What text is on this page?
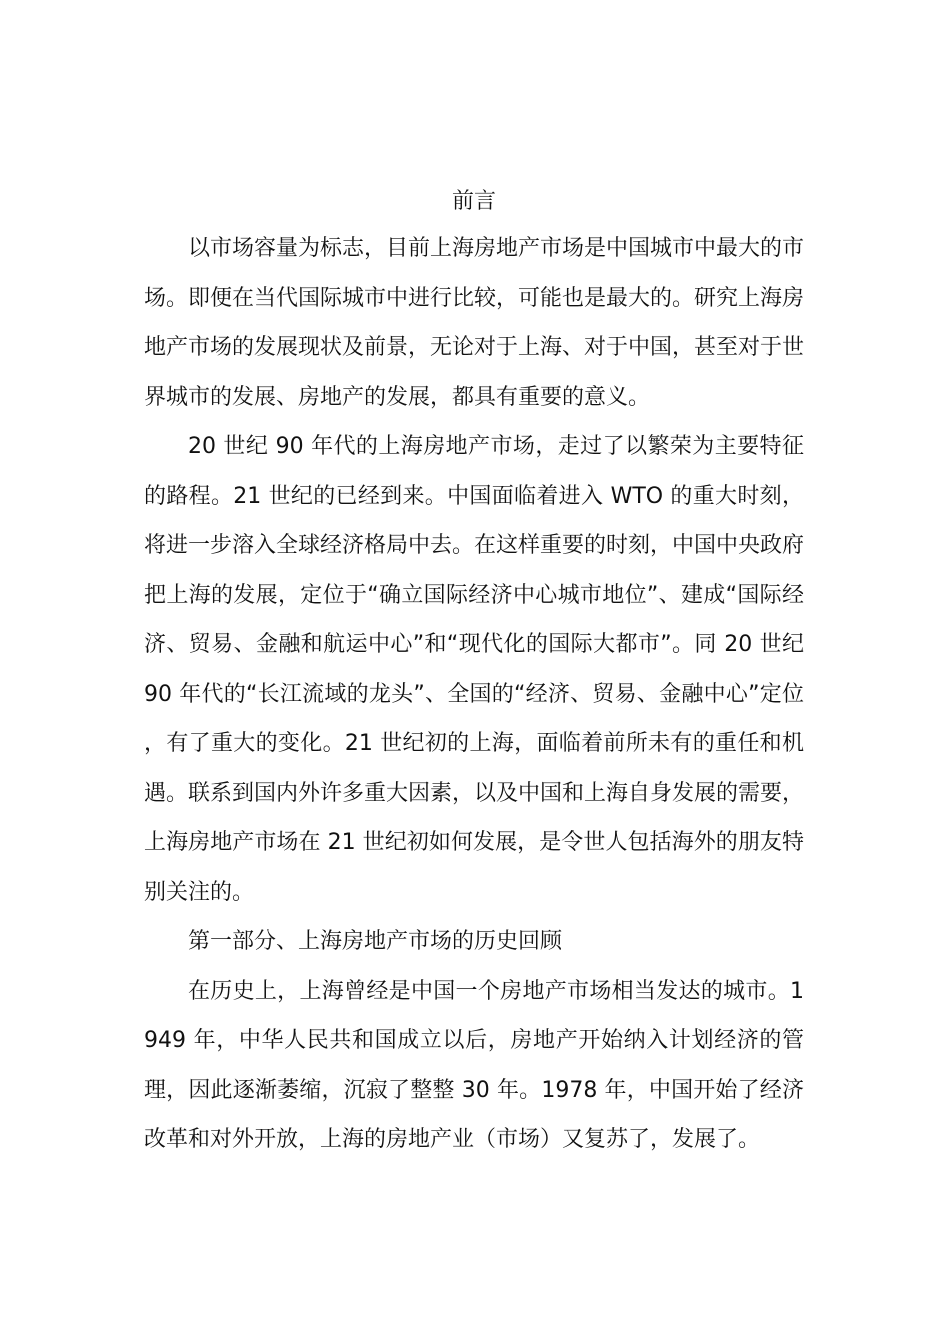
前言

以市场容量为标志，目前上海房地产市场是中国城市中最大的市场。即便在当代国际城市中进行比较，可能也是最大的。研究上海房地产市场的发展现状及前景，无论对于上海、对于中国，甚至对于世界城市的发展、房地产的发展，都具有重要的意义。

20 世纪 90 年代的上海房地产市场，走过了以繁荣为主要特征的路程。21 世纪的已经到来。中国面临着进入 WTO 的重大时刻，将进一步溶入全球经济格局中去。在这样重要的时刻，中国中央政府把上海的发展，定位于“确立国际经济中心城市地位”、建成“国际经济、贸易、金融和航运中心”和“现代化的国际大都市”。同 20 世纪 90 年代的“长江流域的龙头”、全国的“经济、贸易、金融中心”定位，有了重大的变化。21 世纪初的上海，面临着前所未有的重任和机遇。联系到国内外许多重大因素，以及中国和上海自身发展的需要，上海房地产市场在 21 世纪初如何发展，是令世人包括海外的朋友特别关注的。

第一部分、上海房地产市场的历史回顾

在历史上，上海曾经是中国一个房地产市场相当发达的城市。1949 年，中华人民共和国成立以后，房地产开始纳入计划经济的管理，因此逐渐萎缩，沉寂了整整 30 年。1978 年，中国开始了经济改革和对外开放，上海的房地产业（市场）又复苏了，发展了。
